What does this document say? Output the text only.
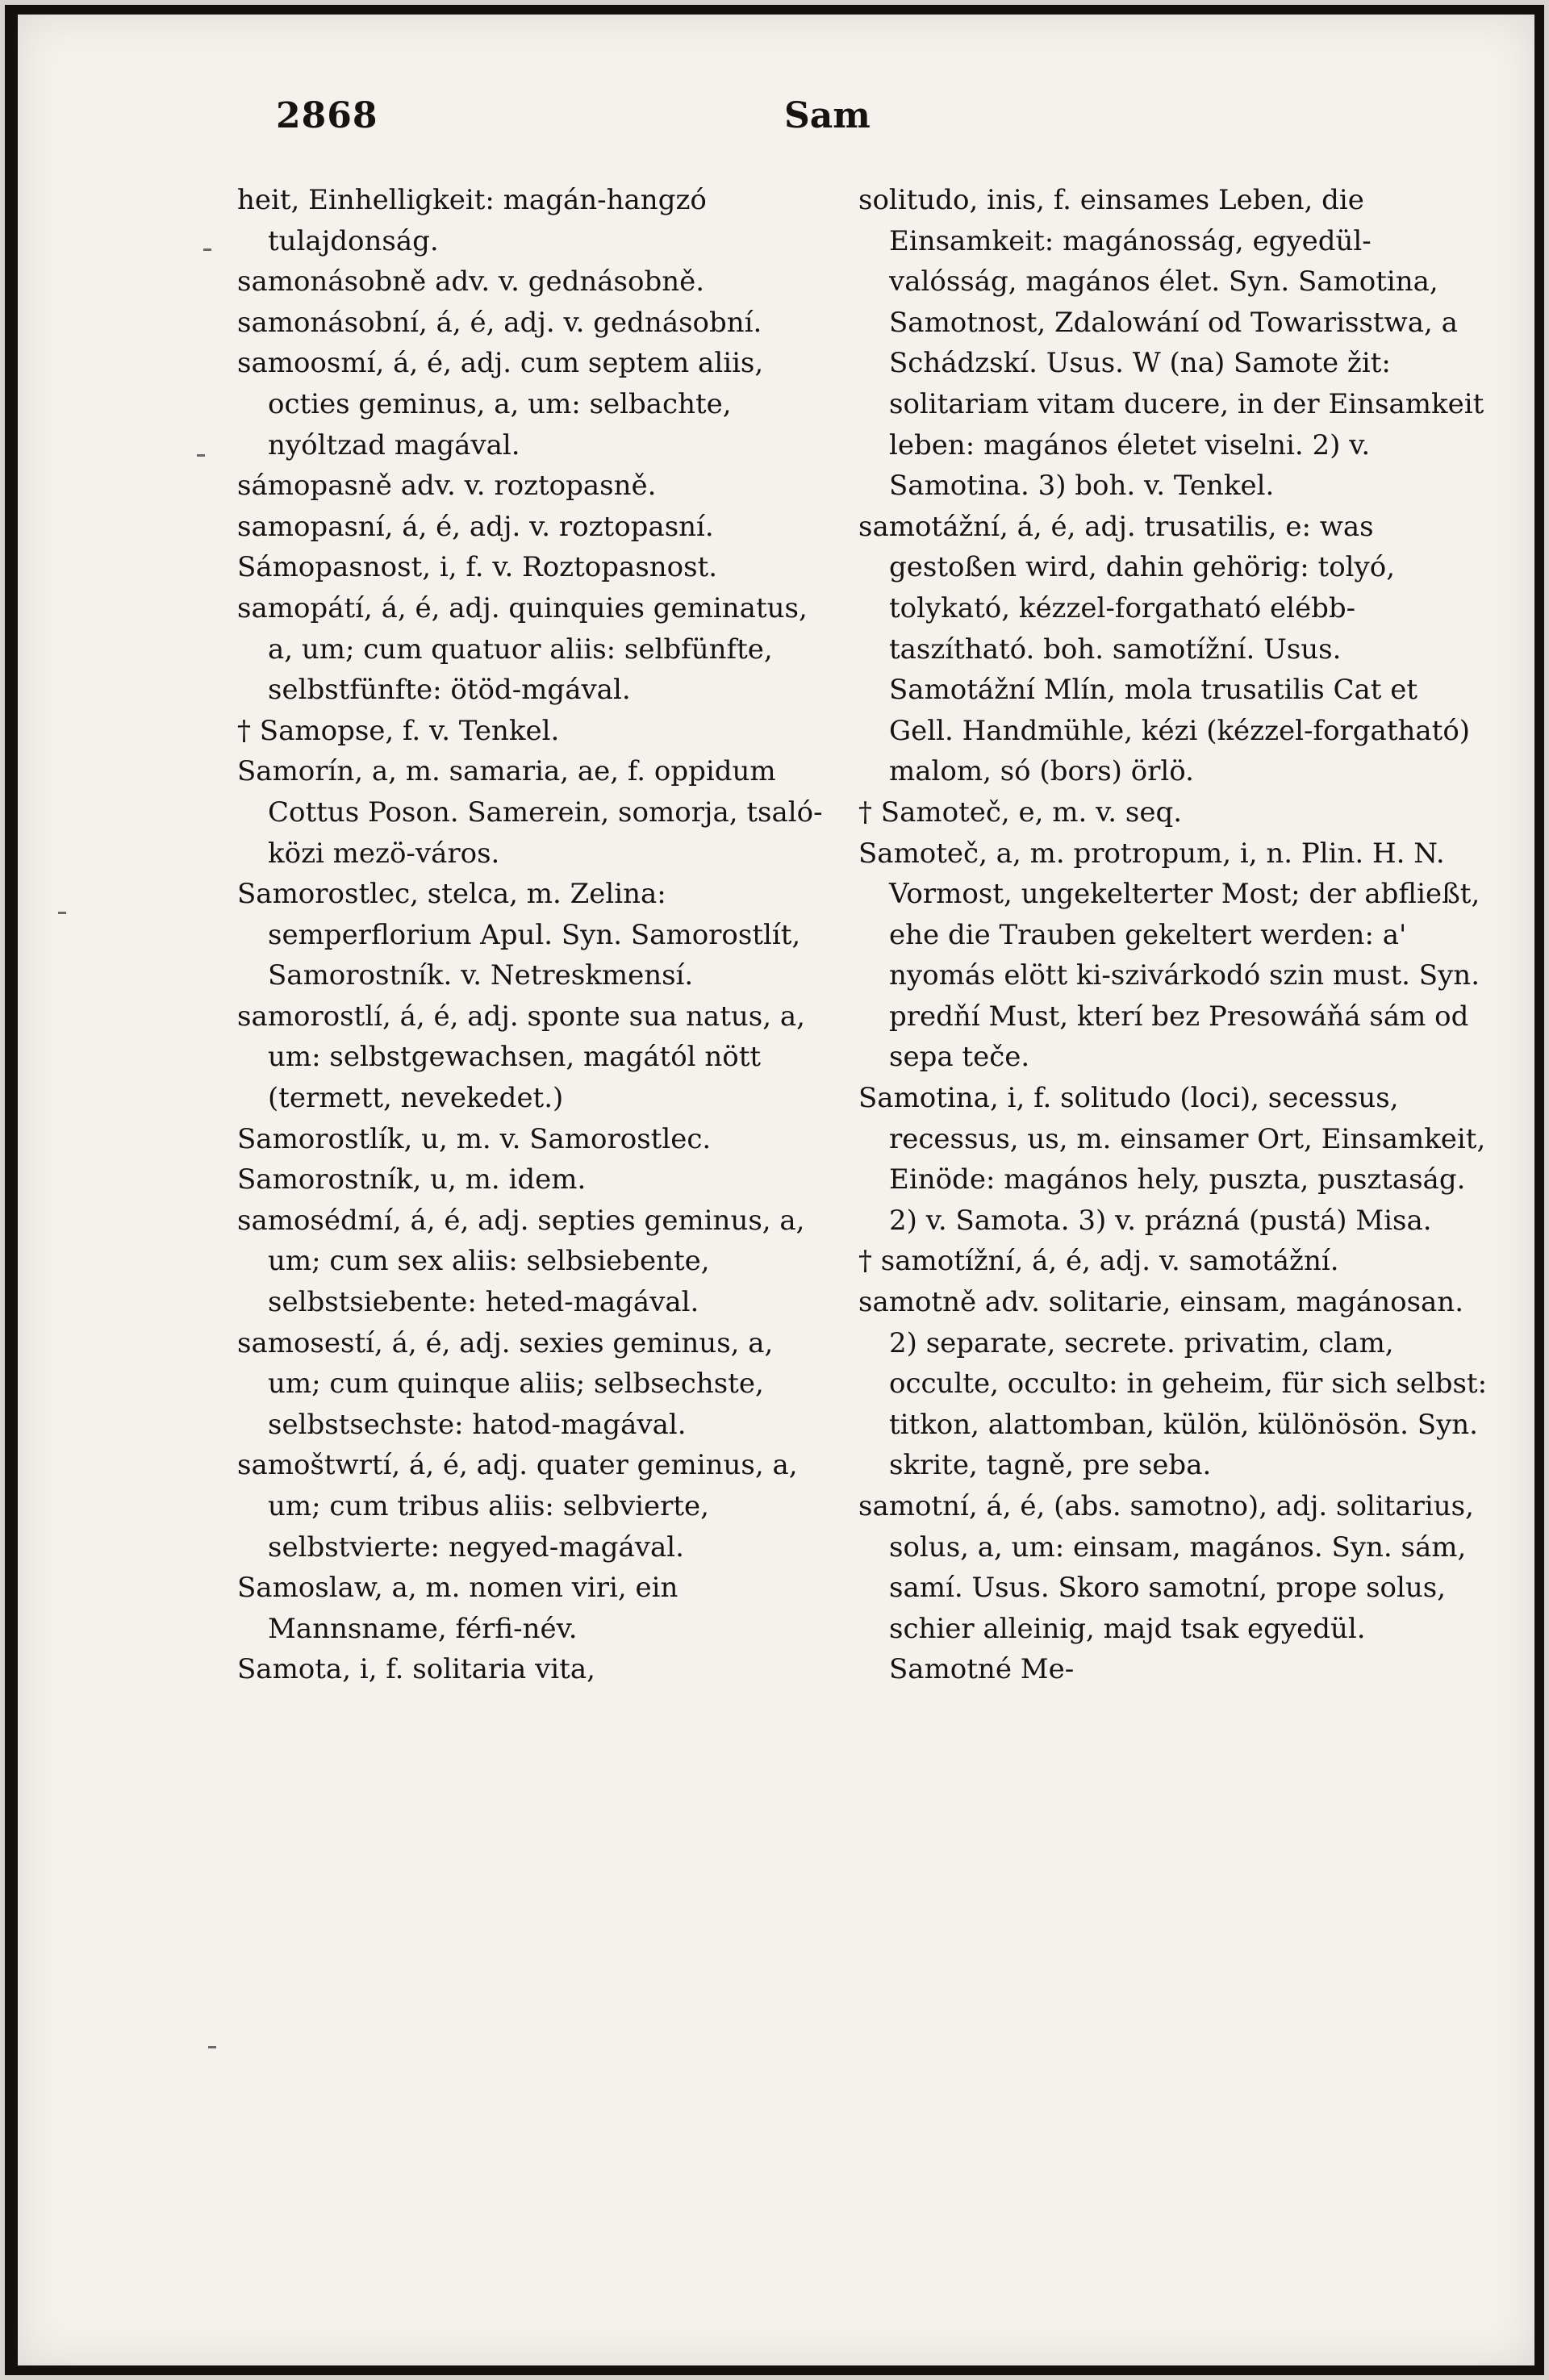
2868	Sam

heit, Einhelligkeit: magán-hangzó tulajdonság.

samonásobně adv. v. gednásobně.

samonásobní, á, é, adj. v. gednásobní.

samoosmí, á, é, adj. cum septem aliis, octies geminus, a, um: selbachte, nyóltzad magával.

sámopasně adv. v. roztopasně.

samopasní, á, é, adj. v. roztopasní.

Sámopasnost, i, f. v. Roztopasnost.

samopátí, á, é, adj. quinquies geminatus, a, um; cum quatuor aliis: selbfünfte, selbstfünfte: ötöd-mgával.

† Samopse, f. v. Tenkel.

Samorín, a, m. samaria, ae, f. oppidum Cottus Poson. Samerein, somorja, tsaló-közi mezö-város.

Samorostlec, stelca, m. Zelina: semperflorium Apul. Syn. Samorostlít, Samorostník. v. Netreskmensí.

samorostlí, á, é, adj. sponte sua natus, a, um: selbstgewachsen, magától nött (termett, nevekedet.)

Samorostlík, u, m. v. Samorostlec.

Samorostník, u, m. idem.

samosédmí, á, é, adj. septies geminus, a, um; cum sex aliis: selbsiebente, selbstsiebente: heted-magával.

samosestí, á, é, adj. sexies geminus, a, um; cum quinque aliis; selbsechste, selbstsechste: hatod-magával.

samoštwrtí, á, é, adj. quater geminus, a, um; cum tribus aliis: selbvierte, selbstvierte: negyed-magával.

Samoslaw, a, m. nomen viri, ein Mannsname, férfi-név.

Samota, i, f. solitaria vita,

solitudo, inis, f. einsames Leben, die Einsamkeit: magánosság, egyedül-valósság, magános élet. Syn. Samotina, Samotnost, Zdalowání od Towarisstwa, a Schádzskí. Usus. W (na) Samote žit: solitariam vitam ducere, in der Einsamkeit leben: magános életet viselni. 2) v. Samotina. 3) boh. v. Tenkel.

samotážní, á, é, adj. trusatilis, e: was gestoßen wird, dahin gehörig: tolyó, tolykató, kézzel-forgatható elébb-taszítható. boh. samotížní. Usus. Samotážní Mlín, mola trusatilis Cat et Gell. Handmühle, kézi (kézzel-forgatható) malom, só (bors) örlö.

† Samoteč, e, m. v. seq.

Samoteč, a, m. protropum, i, n. Plin. H. N. Vormost, ungekelterter Most; der abfließt, ehe die Trauben gekeltert werden: a' nyomás elött ki-szivárkodó szin must. Syn. predňí Must, kterí bez Presowáňá sám od sepa teče.

Samotina, i, f. solitudo (loci), secessus, recessus, us, m. einsamer Ort, Einsamkeit, Einöde: magános hely, puszta, pusztaság. 2) v. Samota. 3) v. prázná (pustá) Misa.

† samotížní, á, é, adj. v. samotážní.

samotně adv. solitarie, einsam, magánosan. 2) separate, secrete. privatim, clam, occulte, occulto: in geheim, für sich selbst: titkon, alattomban, külön, különösön. Syn. skrite, tagně, pre seba.

samotní, á, é, (abs. samotno), adj. solitarius, solus, a, um: einsam, magános. Syn. sám, samí. Usus. Skoro samotní, prope solus, schier alleinig, majd tsak egyedül. Samotné Me-
